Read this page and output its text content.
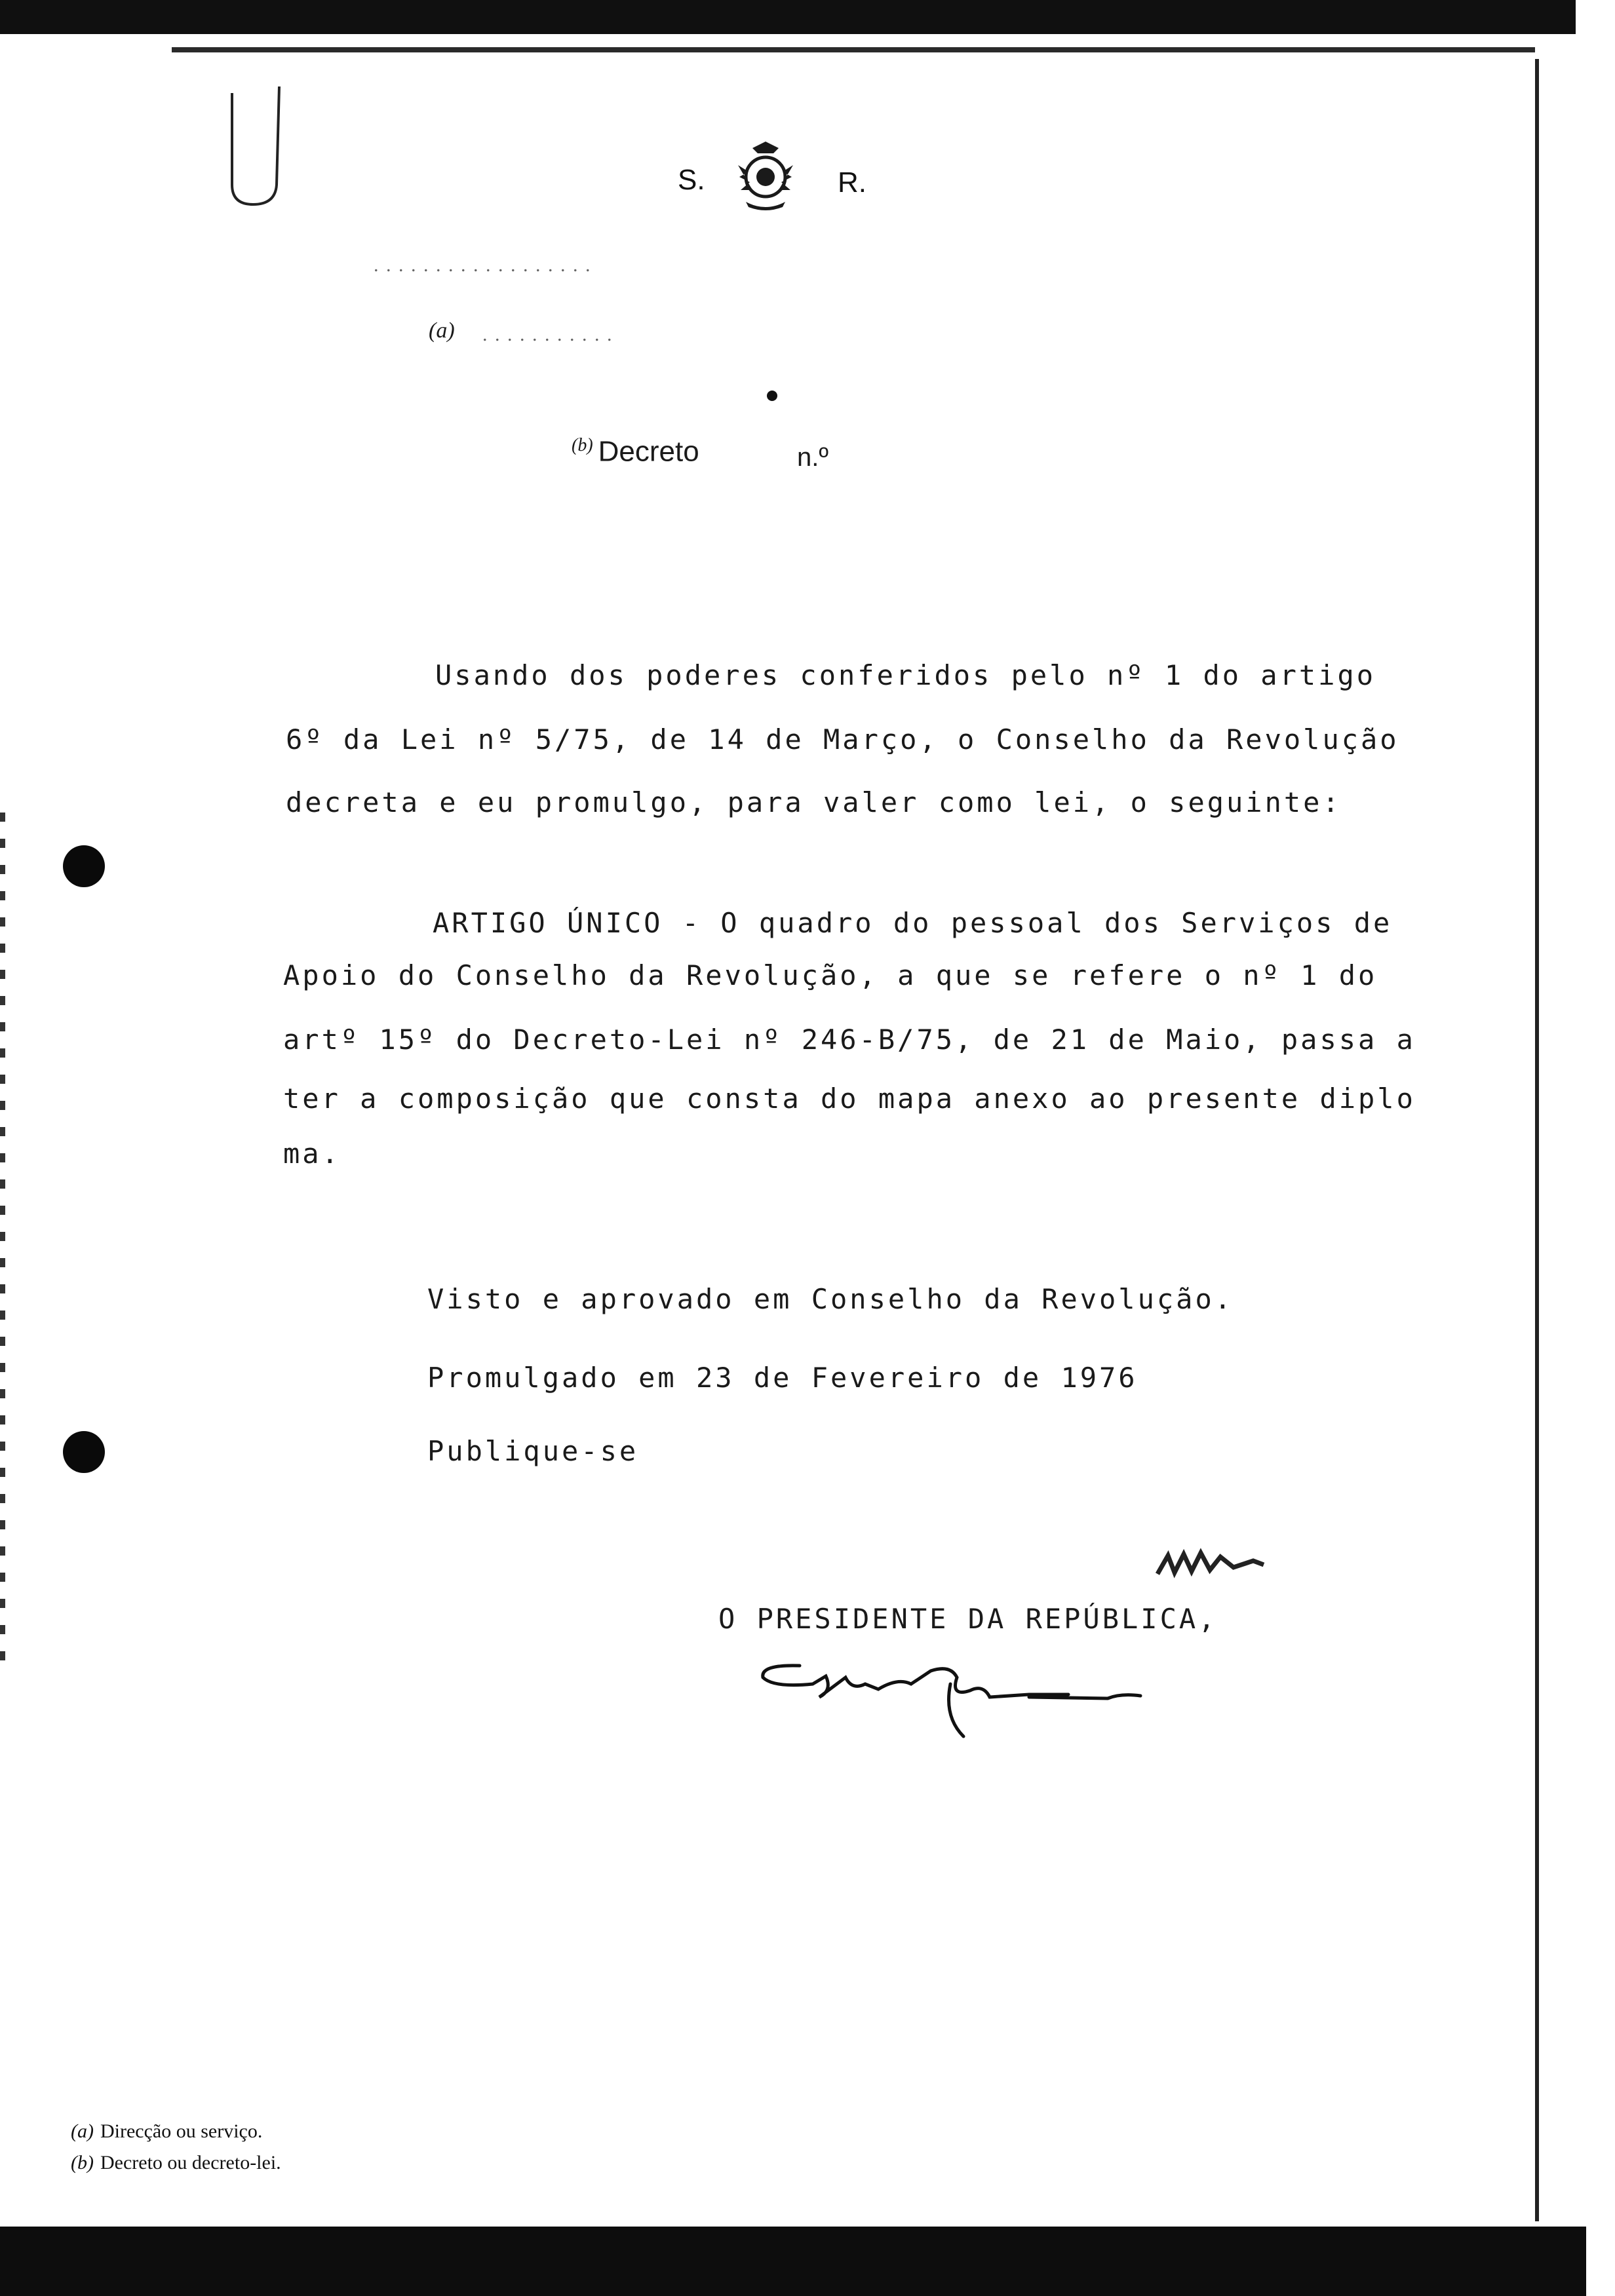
S.	R.
. . . . . . . . . . . . . . . . . .
(a) . . . . . . . . . . .
$^{(b)}$ Decreto	n.º
Usando dos poderes conferidos pelo nº 1 do artigo
6º da Lei nº 5/75, de 14 de Março, o Conselho da Revolução
decreta e eu promulgo, para valer como lei, o seguinte:
ARTIGO ÚNICO - O quadro do pessoal dos Serviços de
Apoio do Conselho da Revolução, a que se refere o nº 1 do
artº 15º do Decreto-Lei nº 246-B/75, de 21 de Maio, passa a
ter a composição que consta do mapa anexo ao presente diplo
ma.
Visto e aprovado em Conselho da Revolução.
Promulgado em 23 de Fevereiro de 1976
Publique-se
O PRESIDENTE DA REPÚBLICA,
(a) Direcção ou serviço.
(b) Decreto ou decreto-lei.
